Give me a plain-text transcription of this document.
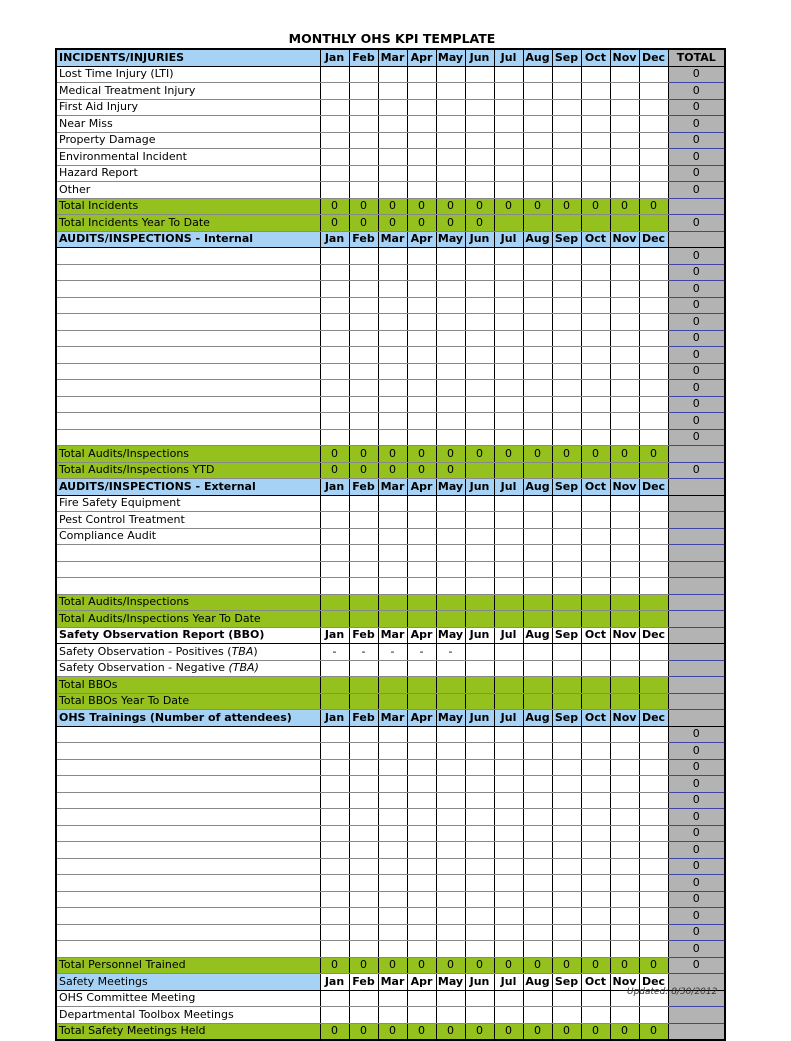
MONTHLY OHS KPI TEMPLATE
INCIDENTS/INJURIES	Jan	Feb	Mar	Apr	May	Jun	Jul	Aug	Sep	Oct	Nov	Dec	TOTAL
Lost Time Injury (LTI)													0
Medical Treatment Injury													0
First Aid Injury													0
Near Miss													0
Property Damage													0
Environmental Incident													0
Hazard Report													0
Other													0
Total Incidents	0	0	0	0	0	0	0	0	0	0	0	0	
Total Incidents Year To Date	0	0	0	0	0	0							0
AUDITS/INSPECTIONS - Internal	Jan	Feb	Mar	Apr	May	Jun	Jul	Aug	Sep	Oct	Nov	Dec	
													0
													0
													0
													0
													0
													0
													0
													0
													0
													0
													0
													0
Total Audits/Inspections	0	0	0	0	0	0	0	0	0	0	0	0	
Total Audits/Inspections YTD	0	0	0	0	0								0
AUDITS/INSPECTIONS - External	Jan	Feb	Mar	Apr	May	Jun	Jul	Aug	Sep	Oct	Nov	Dec	
Fire Safety Equipment													
Pest Control Treatment													
Compliance Audit													

Total Audits/Inspections													
Total Audits/Inspections Year To Date													
Safety Observation Report (BBO)	Jan	Feb	Mar	Apr	May	Jun	Jul	Aug	Sep	Oct	Nov	Dec	
Safety Observation - Positives (TBA)	-	-	-	-	-								
Safety Observation - Negative (TBA)													
Total BBOs													
Total BBOs Year To Date													
OHS Trainings (Number of attendees)	Jan	Feb	Mar	Apr	May	Jun	Jul	Aug	Sep	Oct	Nov	Dec	
													0
													0
													0
													0
													0
													0
													0
													0
													0
													0
													0
													0
													0
													0
Total Personnel Trained	0	0	0	0	0	0	0	0	0	0	0	0	0
Safety Meetings	Jan	Feb	Mar	Apr	May	Jun	Jul	Aug	Sep	Oct	Nov	Dec	
OHS Committee Meeting													
Departmental Toolbox Meetings													
Total Safety Meetings Held	0	0	0	0	0	0	0	0	0	0	0	0	
Updated: 8/30/2012
